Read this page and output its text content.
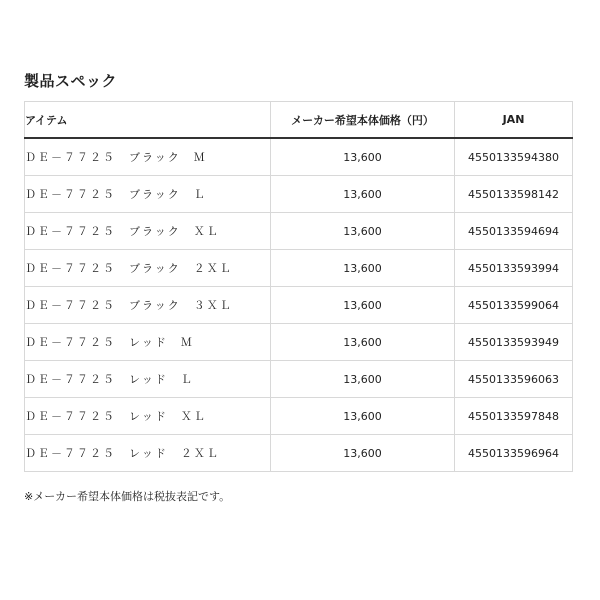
製品スペック
アイテム	メーカー希望本体価格（円）	JAN
ＤＥ－７７２５　ブラック　Ｍ	13,600	4550133594380
ＤＥ－７７２５　ブラック　Ｌ	13,600	4550133598142
ＤＥ－７７２５　ブラック　ＸＬ	13,600	4550133594694
ＤＥ－７７２５　ブラック　２ＸＬ	13,600	4550133593994
ＤＥ－７７２５　ブラック　３ＸＬ	13,600	4550133599064
ＤＥ－７７２５　レッド　Ｍ	13,600	4550133593949
ＤＥ－７７２５　レッド　Ｌ	13,600	4550133596063
ＤＥ－７７２５　レッド　ＸＬ	13,600	4550133597848
ＤＥ－７７２５　レッド　２ＸＬ	13,600	4550133596964

※メーカー希望本体価格は税抜表記です。
